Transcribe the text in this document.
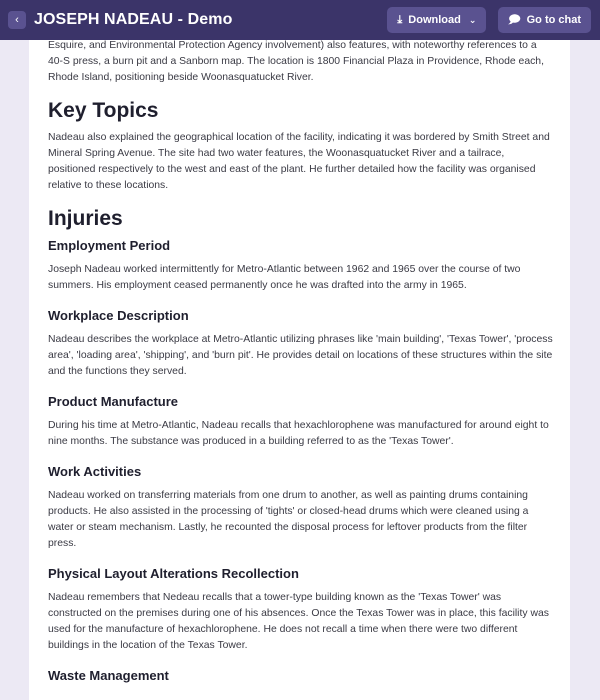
‹ JOSEPH NADEAU - Demo	⤓ Download ⌄	🗩 Go to chat

Esquire, and Environmental Protection Agency involvement) also features, with noteworthy references to a 40-S press, a burn pit and a Sanborn map. The location is 1800 Financial Plaza in Providence, Rhode each, Rhode Island, positioning beside Woonasquatucket River.

Key Topics

Nadeau also explained the geographical location of the facility, indicating it was bordered by Smith Street and Mineral Spring Avenue. The site had two water features, the Woonasquatucket River and a tailrace, positioned respectively to the west and east of the plant. He further detailed how the facility was organised relative to these locations.

Injuries
Employment Period

Joseph Nadeau worked intermittently for Metro-Atlantic between 1962 and 1965 over the course of two summers. His employment ceased permanently once he was drafted into the army in 1965.

Workplace Description

Nadeau describes the workplace at Metro-Atlantic utilizing phrases like 'main building', 'Texas Tower', 'process area', 'loading area', 'shipping', and 'burn pit'. He provides detail on locations of these structures within the site and the functions they served.

Product Manufacture

During his time at Metro-Atlantic, Nadeau recalls that hexachlorophene was manufactured for around eight to nine months. The substance was produced in a building referred to as the 'Texas Tower'.

Work Activities

Nadeau worked on transferring materials from one drum to another, as well as painting drums containing products. He also assisted in the processing of 'tights' or closed-head drums which were cleaned using a water or steam mechanism. Lastly, he recounted the disposal process for leftover products from the filter press.

Physical Layout Alterations Recollection

Nadeau remembers that Nedeau recalls that a tower-type building known as the 'Texas Tower' was constructed on the premises during one of his absences. Once the Texas Tower was in place, this facility was used for the manufacture of hexachlorophene. He does not recall a time when there were two different buildings in the location of the Texas Tower.

Waste Management
